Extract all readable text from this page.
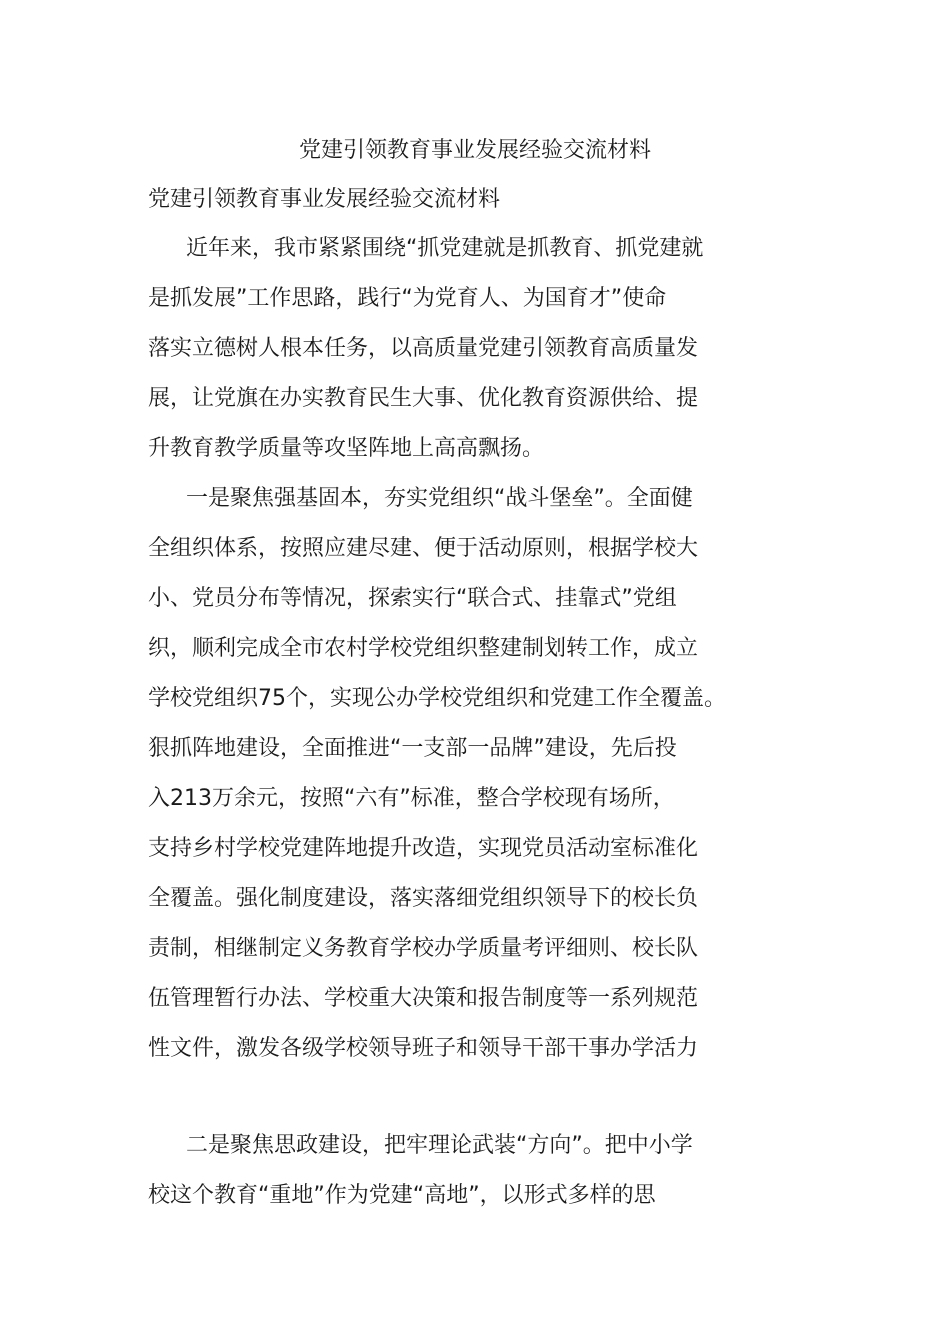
党建引领教育事业发展经验交流材料
党建引领教育事业发展经验交流材料

近年来，我市紧紧围绕“抓党建就是抓教育、抓党建就

是抓发展”工作思路，践行“为党育人、为国育才”使命

落实立德树人根本任务，以高质量党建引领教育高质量发

展，让党旗在办实教育民生大事、优化教育资源供给、提

升教育教学质量等攻坚阵地上高高飘扬。

一是聚焦强基固本，夯实党组织“战斗堡垒”。全面健

全组织体系，按照应建尽建、便于活动原则，根据学校大

小、党员分布等情况，探索实行“联合式、挂靠式”党组

织，顺利完成全市农村学校党组织整建制划转工作，成立

学校党组织75个，实现公办学校党组织和党建工作全覆盖。

狠抓阵地建设，全面推进“一支部一品牌”建设，先后投

入213万余元，按照“六有”标准，整合学校现有场所，

支持乡村学校党建阵地提升改造，实现党员活动室标准化

全覆盖。强化制度建设，落实落细党组织领导下的校长负

责制，相继制定义务教育学校办学质量考评细则、校长队

伍管理暂行办法、学校重大决策和报告制度等一系列规范

性文件，激发各级学校领导班子和领导干部干事办学活力

二是聚焦思政建设，把牢理论武装“方向”。把中小学

校这个教育“重地”作为党建“高地”，以形式多样的思
